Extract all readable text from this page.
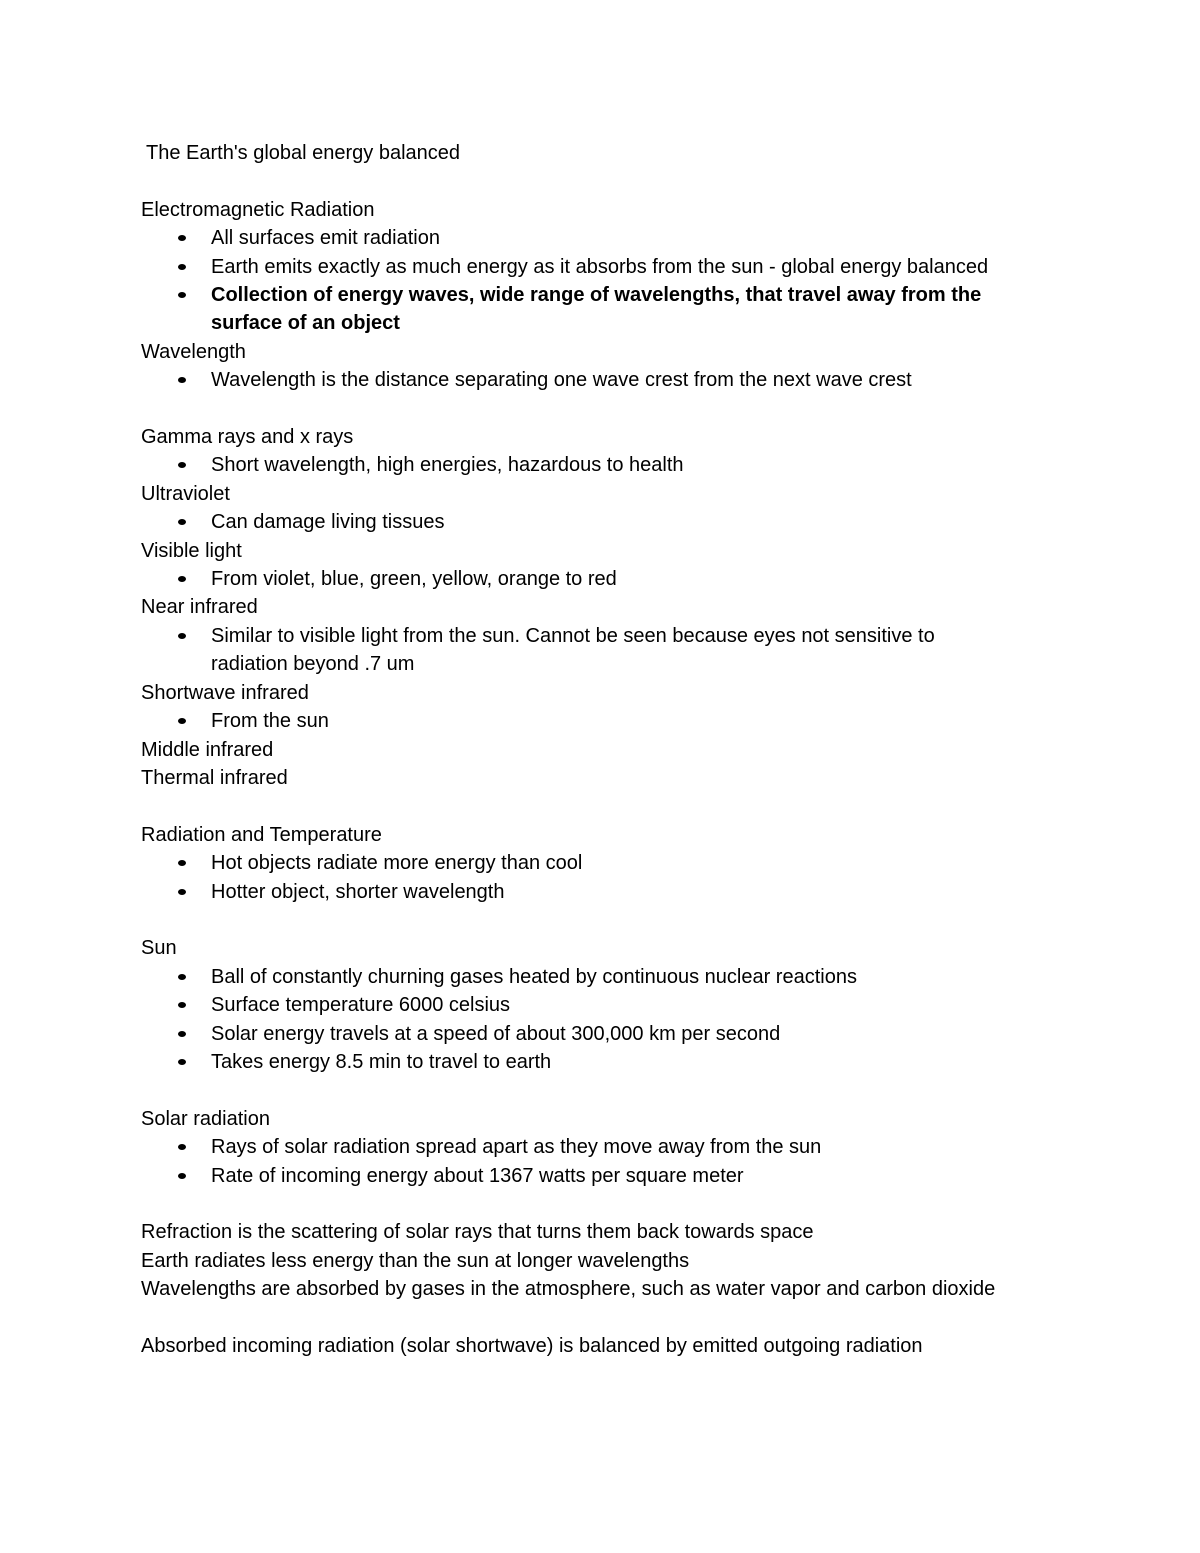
The Earth's global energy balanced

Electromagnetic Radiation

All surfaces emit radiation
Earth emits exactly as much energy as it absorbs from the sun - global energy balanced
Collection of energy waves, wide range of wavelengths, that travel away from the surface of an object

Wavelength

Wavelength is the distance separating one wave crest from the next wave crest

Gamma rays and x rays

Short wavelength, high energies, hazardous to health

Ultraviolet

Can damage living tissues

Visible light

From violet, blue, green, yellow, orange to red

Near infrared

Similar to visible light from the sun. Cannot be seen because eyes not sensitive to radiation beyond .7 um

Shortwave infrared

From the sun

Middle infrared

Thermal infrared

Radiation and Temperature

Hot objects radiate more energy than cool
Hotter object, shorter wavelength

Sun

Ball of constantly churning gases heated by continuous nuclear reactions
Surface temperature 6000 celsius
Solar energy travels at a speed of about 300,000 km per second
Takes energy 8.5 min to travel to earth

Solar radiation

Rays of solar radiation spread apart as they move away from the sun
Rate of incoming energy about 1367 watts per square meter

Refraction is the scattering of solar rays that turns them back towards space

Earth radiates less energy than the sun at longer wavelengths

Wavelengths are absorbed by gases in the atmosphere, such as water vapor and carbon dioxide

Absorbed incoming radiation (solar shortwave) is balanced by emitted outgoing radiation
